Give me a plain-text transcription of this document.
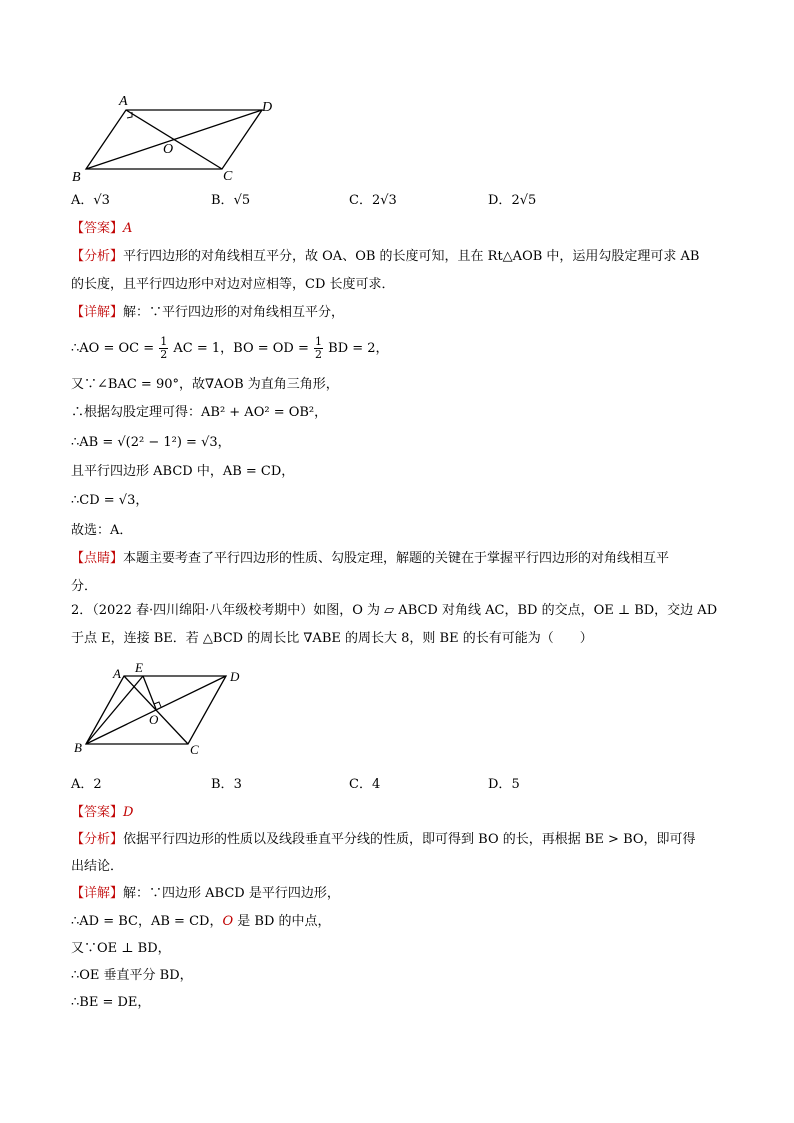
A	D
B	C
O
A．√3	B．√5	C．2√3	D．2√5
【答案】A
【分析】平行四边形的对角线相互平分，故 OA、OB 的长度可知，且在 Rt△AOB 中，运用勾股定理可求 AB
的长度，且平行四边形中对边对应相等，CD 长度可求．
【详解】解：∵平行四边形的对角线相互平分，
∴AO = OC = $\frac{1}{2}$ AC = 1，BO = OD = $\frac{1}{2}$ BD = 2，
又∵∠BAC = 90°，故∇AOB 为直角三角形，
∴根据勾股定理可得：AB² + AO² = OB²，
∴AB = √(2² − 1²) = √3，
且平行四边形 ABCD 中，AB = CD，
∴CD = √3，
故选：A．
【点睛】本题主要考查了平行四边形的性质、勾股定理，解题的关键在于掌握平行四边形的对角线相互平
分．
2．（2022 春·四川绵阳·八年级校考期中）如图，O 为 ▱ ABCD 对角线 AC，BD 的交点，OE ⊥ BD，交边 AD
于点 E，连接 BE．若 △BCD 的周长比 ∇ABE 的周长大 8，则 BE 的长有可能为（　　）
A E
D
B	C
O
A．2	B．3	C．4	D．5
【答案】D
【分析】依据平行四边形的性质以及线段垂直平分线的性质，即可得到 BO 的长，再根据 BE > BO，即可得
出结论．
【详解】解：∵四边形 ABCD 是平行四边形，
∴AD = BC，AB = CD，O 是 BD 的中点，
又∵OE ⊥ BD，
∴OE 垂直平分 BD，
∴BE = DE，
